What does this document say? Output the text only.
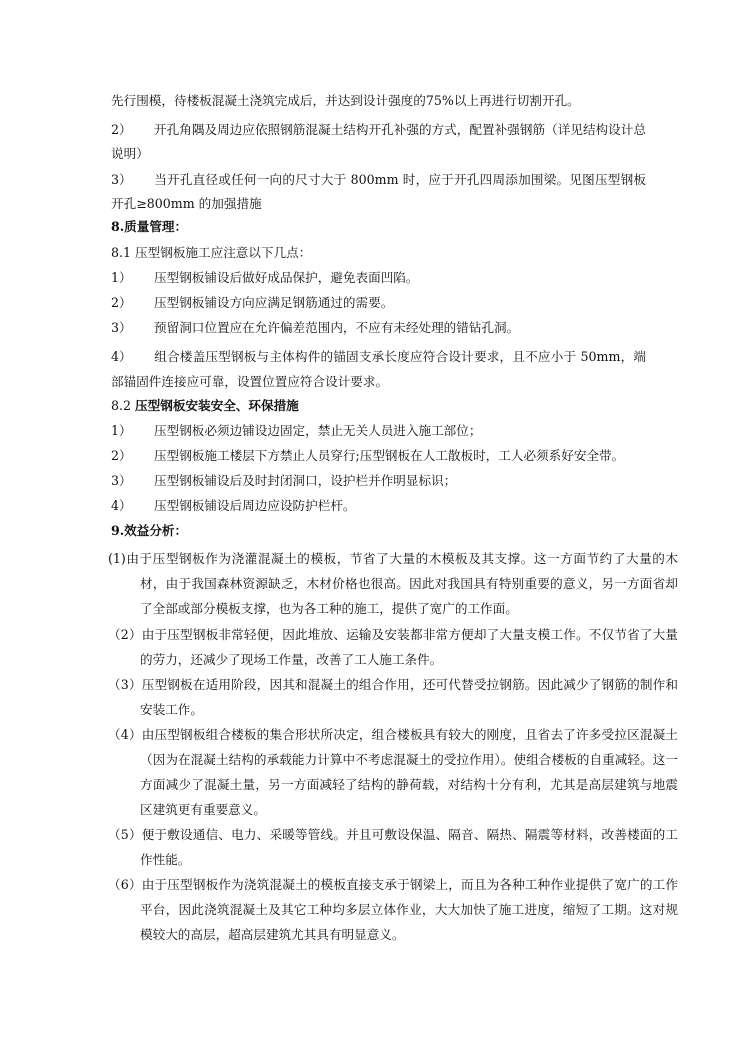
先行围模，待楼板混凝土浇筑完成后，并达到设计强度的75%以上再进行切割开孔。

2） 开孔角隅及周边应依照钢筋混凝土结构开孔补强的方式，配置补强钢筋（详见结构设计总说明）

3） 当开孔直径或任何一向的尺寸大于 800mm 时，应于开孔四周添加围梁。见图压型钢板开孔≥800mm 的加强措施

8.质量管理：

8.1 压型钢板施工应注意以下几点：

1） 压型钢板铺设后做好成品保护，避免表面凹陷。

2） 压型钢板铺设方向应满足钢筋通过的需要。

3） 预留洞口位置应在允许偏差范围内，不应有未经处理的错钻孔洞。

4） 组合楼盖压型钢板与主体构件的锚固支承长度应符合设计要求，且不应小于 50mm，端部锚固件连接应可靠，设置位置应符合设计要求。

8.2 压型钢板安装安全、环保措施

1） 压型钢板必须边铺设边固定，禁止无关人员进入施工部位；

2） 压型钢板施工楼层下方禁止人员穿行;压型钢板在人工散板时，工人必须系好安全带。

3） 压型钢板铺设后及时封闭洞口，设护栏并作明显标识；

4） 压型钢板铺设后周边应设防护栏杆。

9.效益分析：

(1)由于压型钢板作为浇灌混凝土的模板，节省了大量的木模板及其支撑。这一方面节约了大量的木材，由于我国森林资源缺乏，木材价格也很高。因此对我国具有特别重要的意义，另一方面省却了全部或部分模板支撑，也为各工种的施工，提供了宽广的工作面。

（2）由于压型钢板非常轻便，因此堆放、运输及安装都非常方便却了大量支模工作。不仅节省了大量的劳力，还减少了现场工作量，改善了工人施工条件。

（3）压型钢板在适用阶段，因其和混凝土的组合作用，还可代替受拉钢筋。因此减少了钢筋的制作和安装工作。

（4）由压型钢板组合楼板的集合形状所决定，组合楼板具有较大的刚度，且省去了许多受拉区混凝土（因为在混凝土结构的承载能力计算中不考虑混凝土的受拉作用）。使组合楼板的自重减轻。这一方面减少了混凝土量，另一方面减轻了结构的静荷载，对结构十分有利，尤其是高层建筑与地震区建筑更有重要意义。

（5）便于敷设通信、电力、采暖等管线。并且可敷设保温、隔音、隔热、隔震等材料，改善楼面的工作性能。

（6）由于压型钢板作为浇筑混凝土的模板直接支承于钢梁上，而且为各种工种作业提供了宽广的工作平台，因此浇筑混凝土及其它工种均多层立体作业，大大加快了施工进度，缩短了工期。这对规模较大的高层，超高层建筑尤其具有明显意义。
